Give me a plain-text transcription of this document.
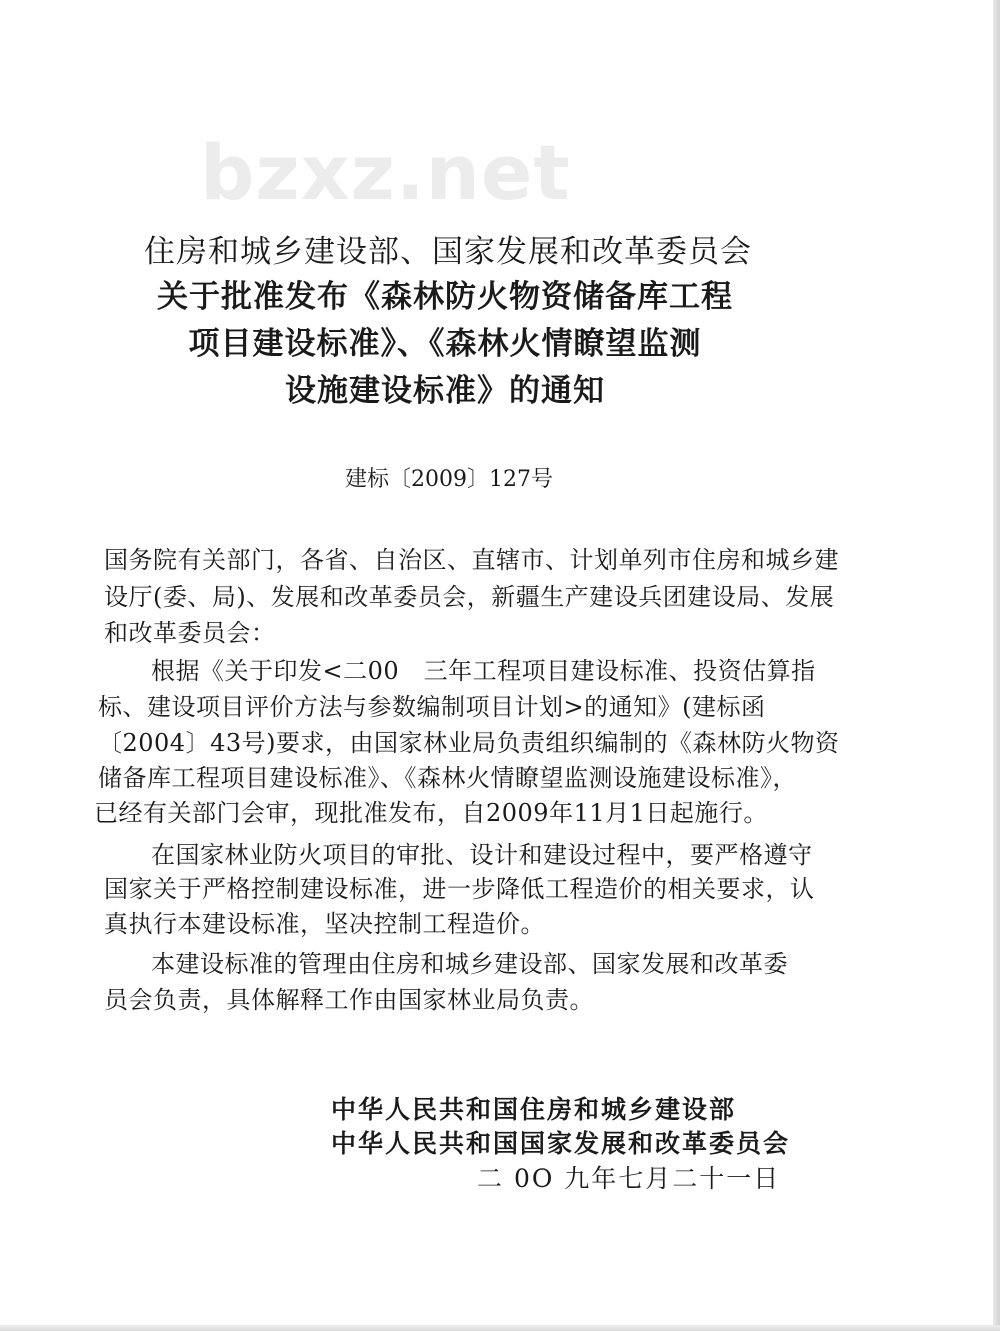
bzxz.net
住房和城乡建设部、国家发展和改革委员会
关于批准发布《森林防火物资储备库工程
项目建设标准》、《森林火情瞭望监测
设施建设标准》的通知
建标〔2009〕127号
国务院有关部门，各省、自治区、直辖市、计划单列市住房和城乡建
设厅(委、局)、发展和改革委员会，新疆生产建设兵团建设局、发展
和改革委员会：
根据《关于印发<二00　三年工程项目建设标准、投资估算指
标、建设项目评价方法与参数编制项目计划>的通知》(建标函
〔2004〕43号)要求，由国家林业局负责组织编制的《森林防火物资
储备库工程项目建设标准》、《森林火情瞭望监测设施建设标准》，
已经有关部门会审，现批准发布，自2009年11月1日起施行。
在国家林业防火项目的审批、设计和建设过程中，要严格遵守
国家关于严格控制建设标准，进一步降低工程造价的相关要求，认
真执行本建设标准，坚决控制工程造价。
本建设标准的管理由住房和城乡建设部、国家发展和改革委
员会负责，具体解释工作由国家林业局负责。
中华人民共和国住房和城乡建设部
中华人民共和国国家发展和改革委员会
二 0O 九年七月二十一日
